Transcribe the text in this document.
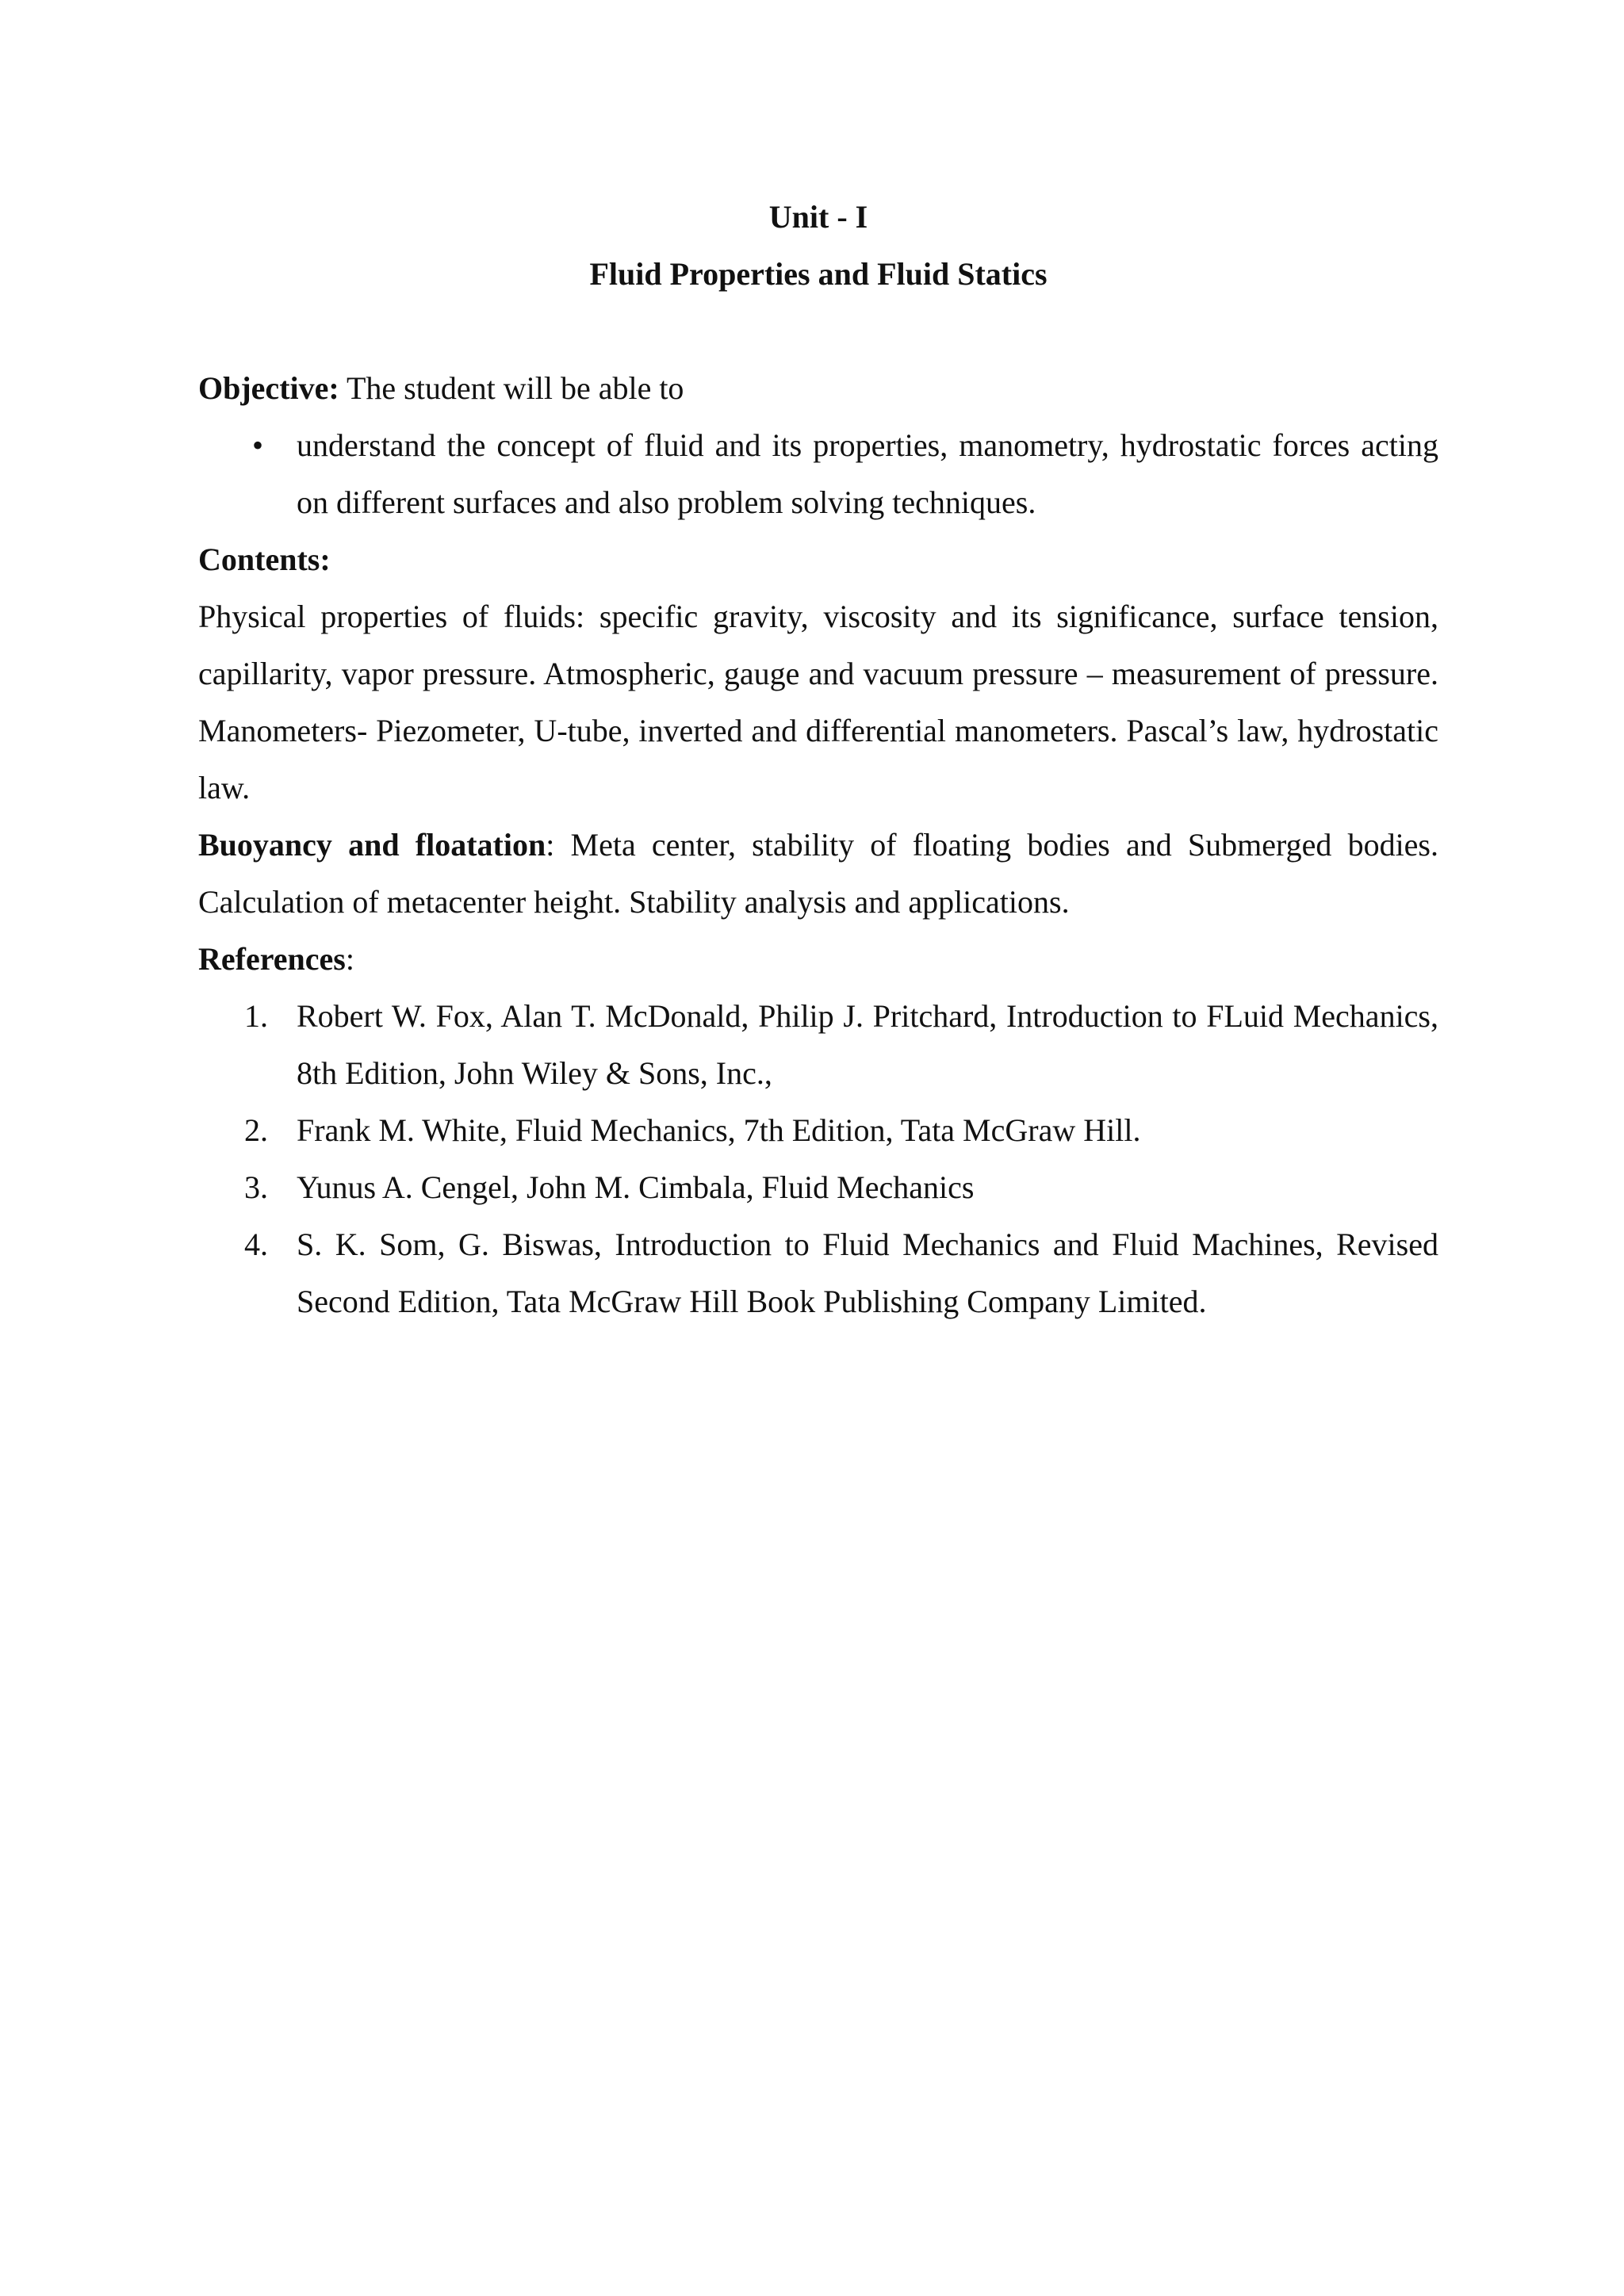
Unit - I
Fluid Properties and Fluid Statics

Objective: The student will be able to

• understand the concept of fluid and its properties, manometry, hydrostatic forces acting on different surfaces and also problem solving techniques.

Contents:

Physical properties of fluids: specific gravity, viscosity and its significance, surface tension, capillarity, vapor pressure. Atmospheric, gauge and vacuum pressure – measurement of pressure. Manometers- Piezometer, U-tube, inverted and differential manometers. Pascal’s law, hydrostatic law.

Buoyancy and floatation: Meta center, stability of floating bodies and Submerged bodies. Calculation of metacenter height. Stability analysis and applications.

References:

1. Robert W. Fox, Alan T. McDonald, Philip J. Pritchard, Introduction to FLuid Mechanics, 8th Edition, John Wiley & Sons, Inc.,
2. Frank M. White, Fluid Mechanics, 7th Edition, Tata McGraw Hill.
3. Yunus A. Cengel, John M. Cimbala, Fluid Mechanics
4. S. K. Som, G. Biswas, Introduction to Fluid Mechanics and Fluid Machines, Revised Second Edition, Tata McGraw Hill Book Publishing Company Limited.
